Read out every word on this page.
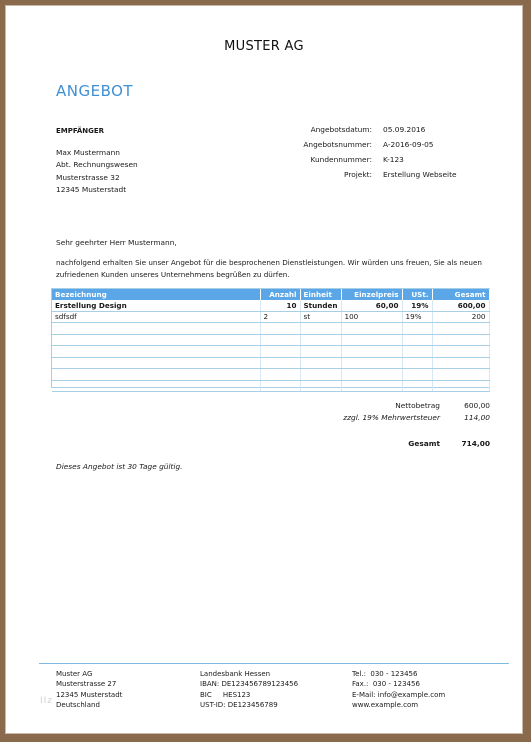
MUSTER AG
ANGEBOT
EMPFÄNGER
Max Mustermann
Abt. Rechnungswesen
Musterstrasse 32
12345 Musterstadt
Angebotsdatum:	05.09.2016
Angebotsnummer:	A-2016-09-05
Kundennummer:	K-123
Projekt:	Erstellung Webseite
Sehr geehrter Herr Mustermann,
nachfolgend erhalten Sie unser Angebot für die besprochenen Dienstleistungen. Wir würden uns freuen, Sie als neuen zufriedenen Kunden unseres Unternehmens begrüßen zu dürfen.
Bezeichnung	Anzahl	Einheit	Einzelpreis	USt.	Gesamt
Erstellung Design	10	Stunden	60,00	19%	600,00
sdfsdf	2	st	100	19%	200

Nettobetrag	600,00
zzgl. 19% Mehrwertsteuer	114,00
Gesamt	714,00
Dieses Angebot ist 30 Tage gültig.
Muster AG
Musterstrasse 27
12345 Musterstadt
Deutschland
Landesbank Hessen
IBAN: DE123456789123456
BIC     HES123
UST-ID: DE123456789
Tel.:  030 - 123456
Fax.:  030 - 123456
E-Mail: info@example.com
www.example.com
IIz
